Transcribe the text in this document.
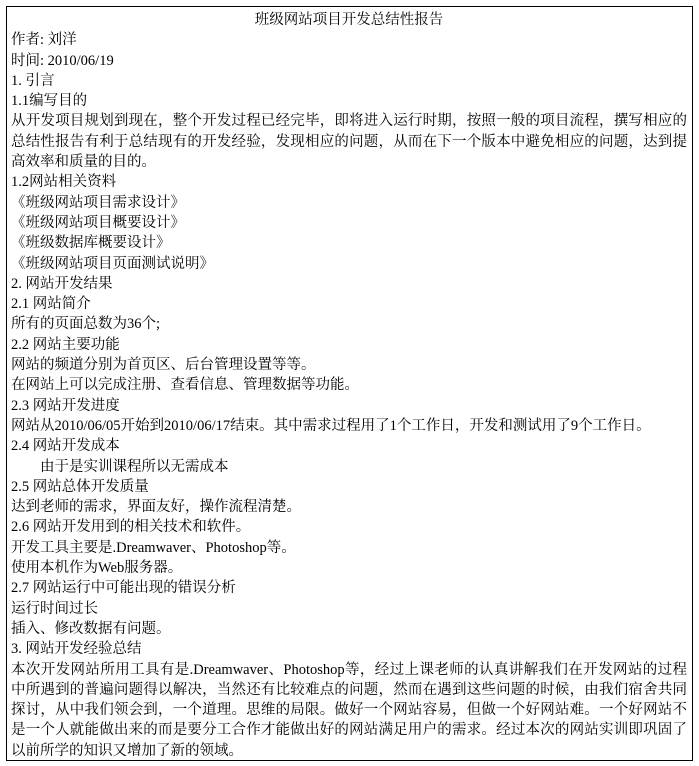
班级网站项目开发总结性报告
作者: 刘洋
时间: 2010/06/19
1. 引言
1.1编写目的
从开发项目规划到现在，整个开发过程已经完毕，即将进入运行时期，按照一般的项目流程，撰写相应的总结性报告有利于总结现有的开发经验，发现相应的问题，从而在下一个版本中避免相应的问题，达到提高效率和质量的目的。
1.2网站相关资料
《班级网站项目需求设计》
《班级网站项目概要设计》
《班级数据库概要设计》
《班级网站项目页面测试说明》
2. 网站开发结果
2.1 网站简介
所有的页面总数为36个;
2.2 网站主要功能
网站的频道分别为首页区、后台管理设置等等。
在网站上可以完成注册、查看信息、管理数据等功能。
2.3 网站开发进度
网站从2010/06/05开始到2010/06/17结束。其中需求过程用了1个工作日，开发和测试用了9个工作日。
2.4 网站开发成本
由于是实训课程所以无需成本
2.5 网站总体开发质量
达到老师的需求，界面友好，操作流程清楚。
2.6 网站开发用到的相关技术和软件。
开发工具主要是.Dreamwaver、Photoshop等。
使用本机作为Web服务器。
2.7 网站运行中可能出现的错误分析
运行时间过长
插入、修改数据有问题。
3. 网站开发经验总结
本次开发网站所用工具有是.Dreamwaver、Photoshop等，经过上课老师的认真讲解我们在开发网站的过程中所遇到的普遍问题得以解决，当然还有比较难点的问题，然而在遇到这些问题的时候，由我们宿舍共同探讨，从中我们领会到，一个道理。思维的局限。做好一个网站容易，但做一个好网站难。一个好网站不是一个人就能做出来的而是要分工合作才能做出好的网站满足用户的需求。经过本次的网站实训即巩固了以前所学的知识又增加了新的领域。
